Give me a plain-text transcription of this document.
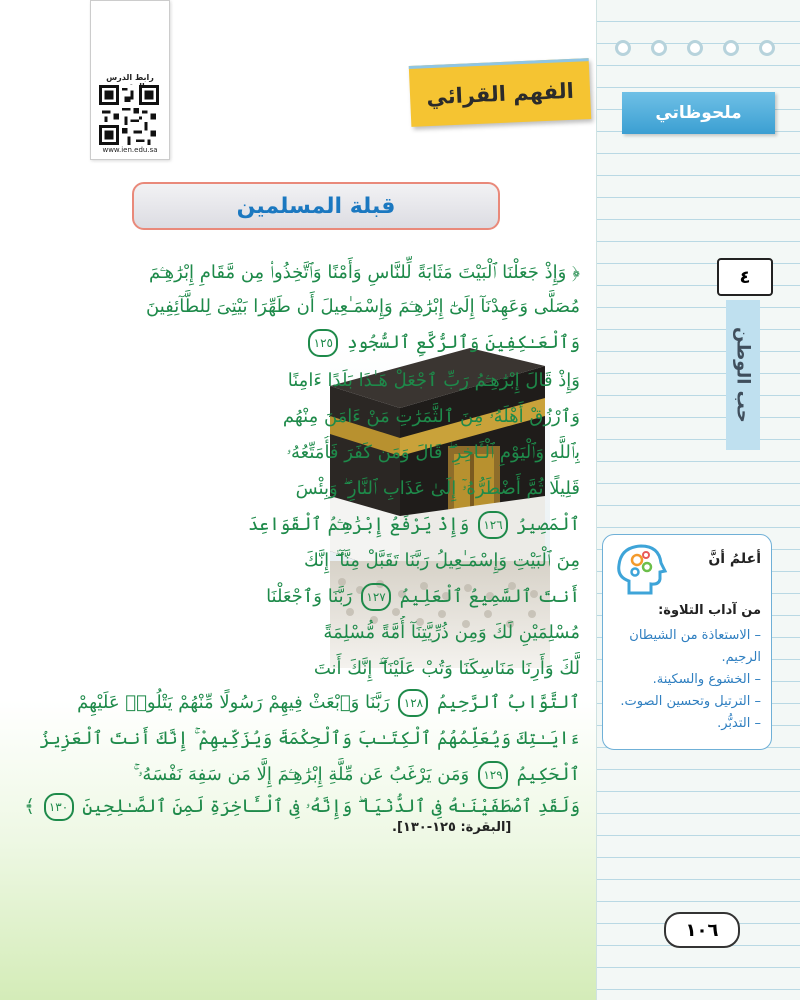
رابط الدرس
www.ien.edu.sa
الفهم القرائي
ملحوظاتي
قبلة المسلمين
٤
حب الوطن
﴿ وَإِذْ جَعَلْنَا ٱلْبَيْتَ مَثَابَةً لِّلنَّاسِ وَأَمْنًا وَٱتَّخِذُوا۟ مِن مَّقَامِ إِبْرَٰهِـۧمَ
مُصَلًّى وَعَهِدْنَآ إِلَىٰٓ إِبْرَٰهِـۧمَ وَإِسْمَـٰعِيلَ أَن طَهِّرَا بَيْتِىَ لِلطَّآئِفِينَ
وَٱلْعَـٰكِفِينَ وَٱلرُّكَّعِ ٱلسُّجُودِ ١٢٥
وَإِذْ قَالَ إِبْرَٰهِـۧمُ رَبِّ ٱجْعَلْ هَـٰذَا بَلَدًا ءَامِنًا
وَٱرْزُقْ أَهْلَهُۥ مِنَ ٱلثَّمَرَٰتِ مَنْ ءَامَنَ مِنْهُم
بِٱللَّهِ وَٱلْيَوْمِ ٱلْـَٔاخِرِ ۖ قَالَ وَمَن كَفَرَ فَأُمَتِّعُهُۥ
قَلِيلًا ثُمَّ أَضْطَرُّهُۥٓ إِلَىٰ عَذَابِ ٱلنَّارِ ۖ وَبِئْسَ
ٱلْمَصِيرُ ١٢٦ وَإِذْ يَرْفَعُ إِبْرَٰهِـۧمُ ٱلْقَوَاعِدَ
مِنَ ٱلْبَيْتِ وَإِسْمَـٰعِيلُ رَبَّنَا تَقَبَّلْ مِنَّآ ۖ إِنَّكَ
أَنتَ ٱلسَّمِيعُ ٱلْعَلِيمُ ١٢٧ رَبَّنَا وَٱجْعَلْنَا
مُسْلِمَيْنِ لَكَ وَمِن ذُرِّيَّتِنَآ أُمَّةً مُّسْلِمَةً
لَّكَ وَأَرِنَا مَنَاسِكَنَا وَتُبْ عَلَيْنَآ ۖ إِنَّكَ أَنتَ
ٱلتَّوَّابُ ٱلرَّحِيمُ ١٢٨ رَبَّنَا وَٱبْعَثْ فِيهِمْ رَسُولًا مِّنْهُمْ يَتْلُوا۟ عَلَيْهِمْ
ءَايَـٰتِكَ وَيُعَلِّمُهُمُ ٱلْكِتَـٰبَ وَٱلْحِكْمَةَ وَيُزَكِّيهِمْ ۚ إِنَّكَ أَنتَ ٱلْعَزِيزُ
ٱلْحَكِيمُ ١٢٩ وَمَن يَرْغَبُ عَن مِّلَّةِ إِبْرَٰهِـۧمَ إِلَّا مَن سَفِهَ نَفْسَهُۥ ۚ
وَلَقَدِ ٱصْطَفَيْنَـٰهُ فِى ٱلدُّنْيَا ۖ وَإِنَّهُۥ فِى ٱلْـَٔاخِرَةِ لَمِنَ ٱلصَّـٰلِحِينَ ١٣٠ ﴾
[البقرة: ١٢٥-١٣٠].
أعلمُ أنَّ
من آداب التلاوة:
– الاستعاذة من الشيطان الرجيم.
– الخشوع والسكينة.
– الترتيل وتحسين الصوت.
– التدبُّر.
١٠٦
